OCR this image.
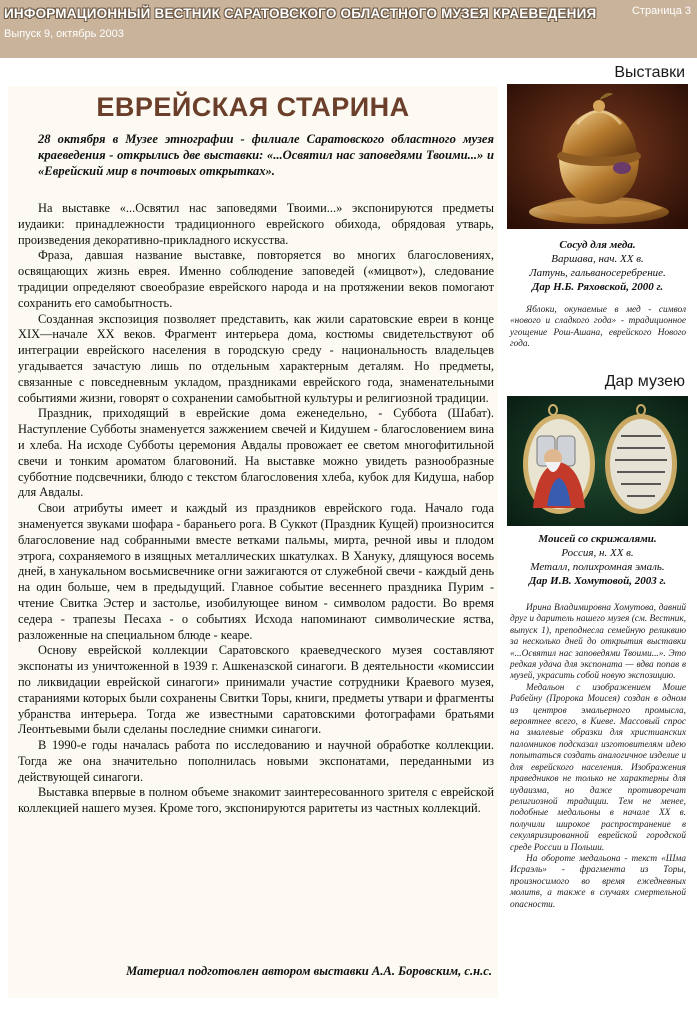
ИНФОРМАЦИОННЫЙ ВЕСТНИК САРАТОВСКОГО ОБЛАСТНОГО МУЗЕЯ КРАЕВЕДЕНИЯ	Страница 3
Выпуск 9, октябрь 2003
ЕВРЕЙСКАЯ СТАРИНА
28 октября в Музее этнографии - филиале Саратовского областного музея краеведения - открылись две выставки: «...Освятил нас заповедями Твоими...» и «Еврейский мир в почтовых открытках».

На выставке «...Освятил нас заповедями Твоими...» экспонируются предметы иудаики: принадлежности традиционного еврейского обихода, обрядовая утварь, произведения декоративно-прикладного искусства.

Фраза, давшая название выставке, повторяется во многих благословениях, освящающих жизнь еврея. Именно соблюдение заповедей («мицвот»), следование традиции определяют своеобразие еврейского народа и на протяжении веков помогают сохранить его самобытность.

Созданная экспозиция позволяет представить, как жили саратовские евреи в конце XIX—начале XX веков. Фрагмент интерьера дома, костюмы свидетельствуют об интеграции еврейского населения в городскую среду - национальность владельцев угадывается зачастую лишь по отдельным характерным деталям. Но предметы, связанные с повседневным укладом, праздниками еврейского года, знаменательными событиями жизни, говорят о сохранении самобытной культуры и религиозной традиции.

Праздник, приходящий в еврейские дома еженедельно, - Суббота (Шабат). Наступление Субботы знаменуется зажжением свечей и Кидушем - благословением вина и хлеба. На исходе Субботы церемония Авдалы провожает ее светом многофитильной свечи и тонким ароматом благовоний. На выставке можно увидеть разнообразные субботние подсвечники, блюдо с текстом благословения хлеба, кубок для Кидуша, набор для Авдалы.

Свои атрибуты имеет и каждый из праздников еврейского года. Начало года знаменуется звуками шофара - бараньего рога. В Суккот (Праздник Кущей) произносится благословение над собранными вместе ветками пальмы, мирта, речной ивы и плодом этрога, сохраняемого в изящных металлических шкатулках. В Ханукy, длящуюся восемь дней, в ханукальном восьмисвечнике огни зажигаются от служебной свечи - каждый день на один больше, чем в предыдущий. Главное событие весеннего праздника Пурим - чтение Свитка Эстер и застолье, изобилующее вином - символом радости. Во время седера - трапезы Песаха - о событиях Исхода напоминают символические яства, разложенные на специальном блюде - кеаре.

Основу еврейской коллекции Саратовского краеведческого музея составляют экспонаты из уничтоженной в 1939 г. Ашкеназской синагоги. В деятельности «комиссии по ликвидации еврейской синагоги» принимали участие сотрудники Краевого музея, стараниями которых были сохранены Свитки Торы, книги, предметы утвари и фрагменты убранства интерьера. Тогда же известными саратовскими фотографами братьями Леонтьевыми были сделаны последние снимки синагоги.

В 1990-е годы началась работа по исследованию и научной обработке коллекции. Тогда же она значительно пополнилась новыми экспонатами, переданными из действующей синагоги.

Выставка впервые в полном объеме знакомит заинтересованного зрителя с еврейской коллекцией нашего музея. Кроме того, экспонируются раритеты из частных коллекций.

Материал подготовлен автором выставки А.А. Боровским, с.н.с.
Выставки
Сосуд для меда.
Варшава, нач. XX в.
Латунь, гальваносеребрение.
Дар Н.Б. Ряховской, 2000 г.

Яблоки, окунаемые в мед - символ «нового и сладкого года» - традиционное угощение Рош-Ашана, еврейского Нового года.

Дар музею
Моисей со скрижалями.
Россия, н. XX в.
Металл, полихромная эмаль.
Дар И.В. Хомутовой, 2003 г.

Ирина Владимировна Хомутова, давний друг и даритель нашего музея (см. Вестник, выпуск 1), преподнесла семейную реликвию за несколько дней до открытия выставки «...Освятил нас заповедями Твоими...». Это редкая удача для экспоната — вдва попав в музей, украсить собой новую экспозицию.

Медальон с изображением Моше Рабейну (Пророка Моисея) создан в одном из центров эмальерного промысла, вероятнее всего, в Киеве. Массовый спрос на змалевые образки для христианских паломников подсказал изготовителям идею попытаться создать аналогичное изделие и для еврейского населения. Изображения праведников не только не характерны для иудаизма, но даже противоречат религиозной традиции. Тем не менее, подобные медальоны в начале XX в. получили широкое распространение в секуляризированной еврейской городской среде России и Польши.

На обороте медальона - текст «Шма Исраэль» - фрагмента из Торы, произносимого во время ежедневных молитв, а также в случаях смертельной опасности.
